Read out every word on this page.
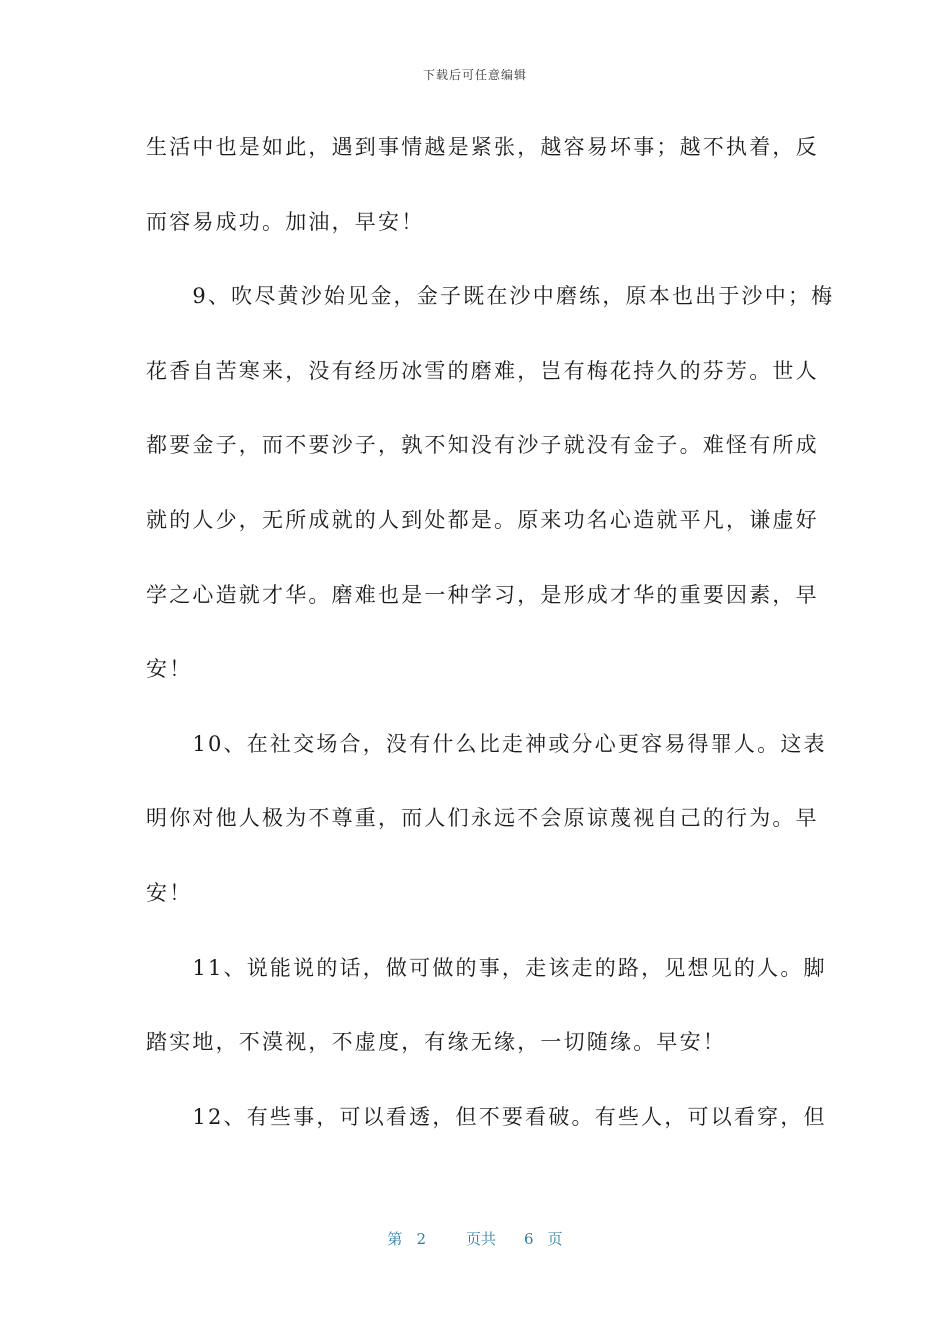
下载后可任意编辑
生活中也是如此，遇到事情越是紧张，越容易坏事；越不执着，反
而容易成功。加油，早安！
　　9、吹尽黄沙始见金，金子既在沙中磨练，原本也出于沙中；梅
花香自苦寒来，没有经历冰雪的磨难，岂有梅花持久的芬芳。世人
都要金子，而不要沙子，孰不知没有沙子就没有金子。难怪有所成
就的人少，无所成就的人到处都是。原来功名心造就平凡，谦虚好
学之心造就才华。磨难也是一种学习，是形成才华的重要因素，早
安！
　　10、在社交场合，没有什么比走神或分心更容易得罪人。这表
明你对他人极为不尊重，而人们永远不会原谅蔑视自己的行为。早
安！
　　11、说能说的话，做可做的事，走该走的路，见想见的人。脚
踏实地，不漠视，不虚度，有缘无缘，一切随缘。早安！
　　12、有些事，可以看透，但不要看破。有些人，可以看穿，但
第 2	页共 6 页
